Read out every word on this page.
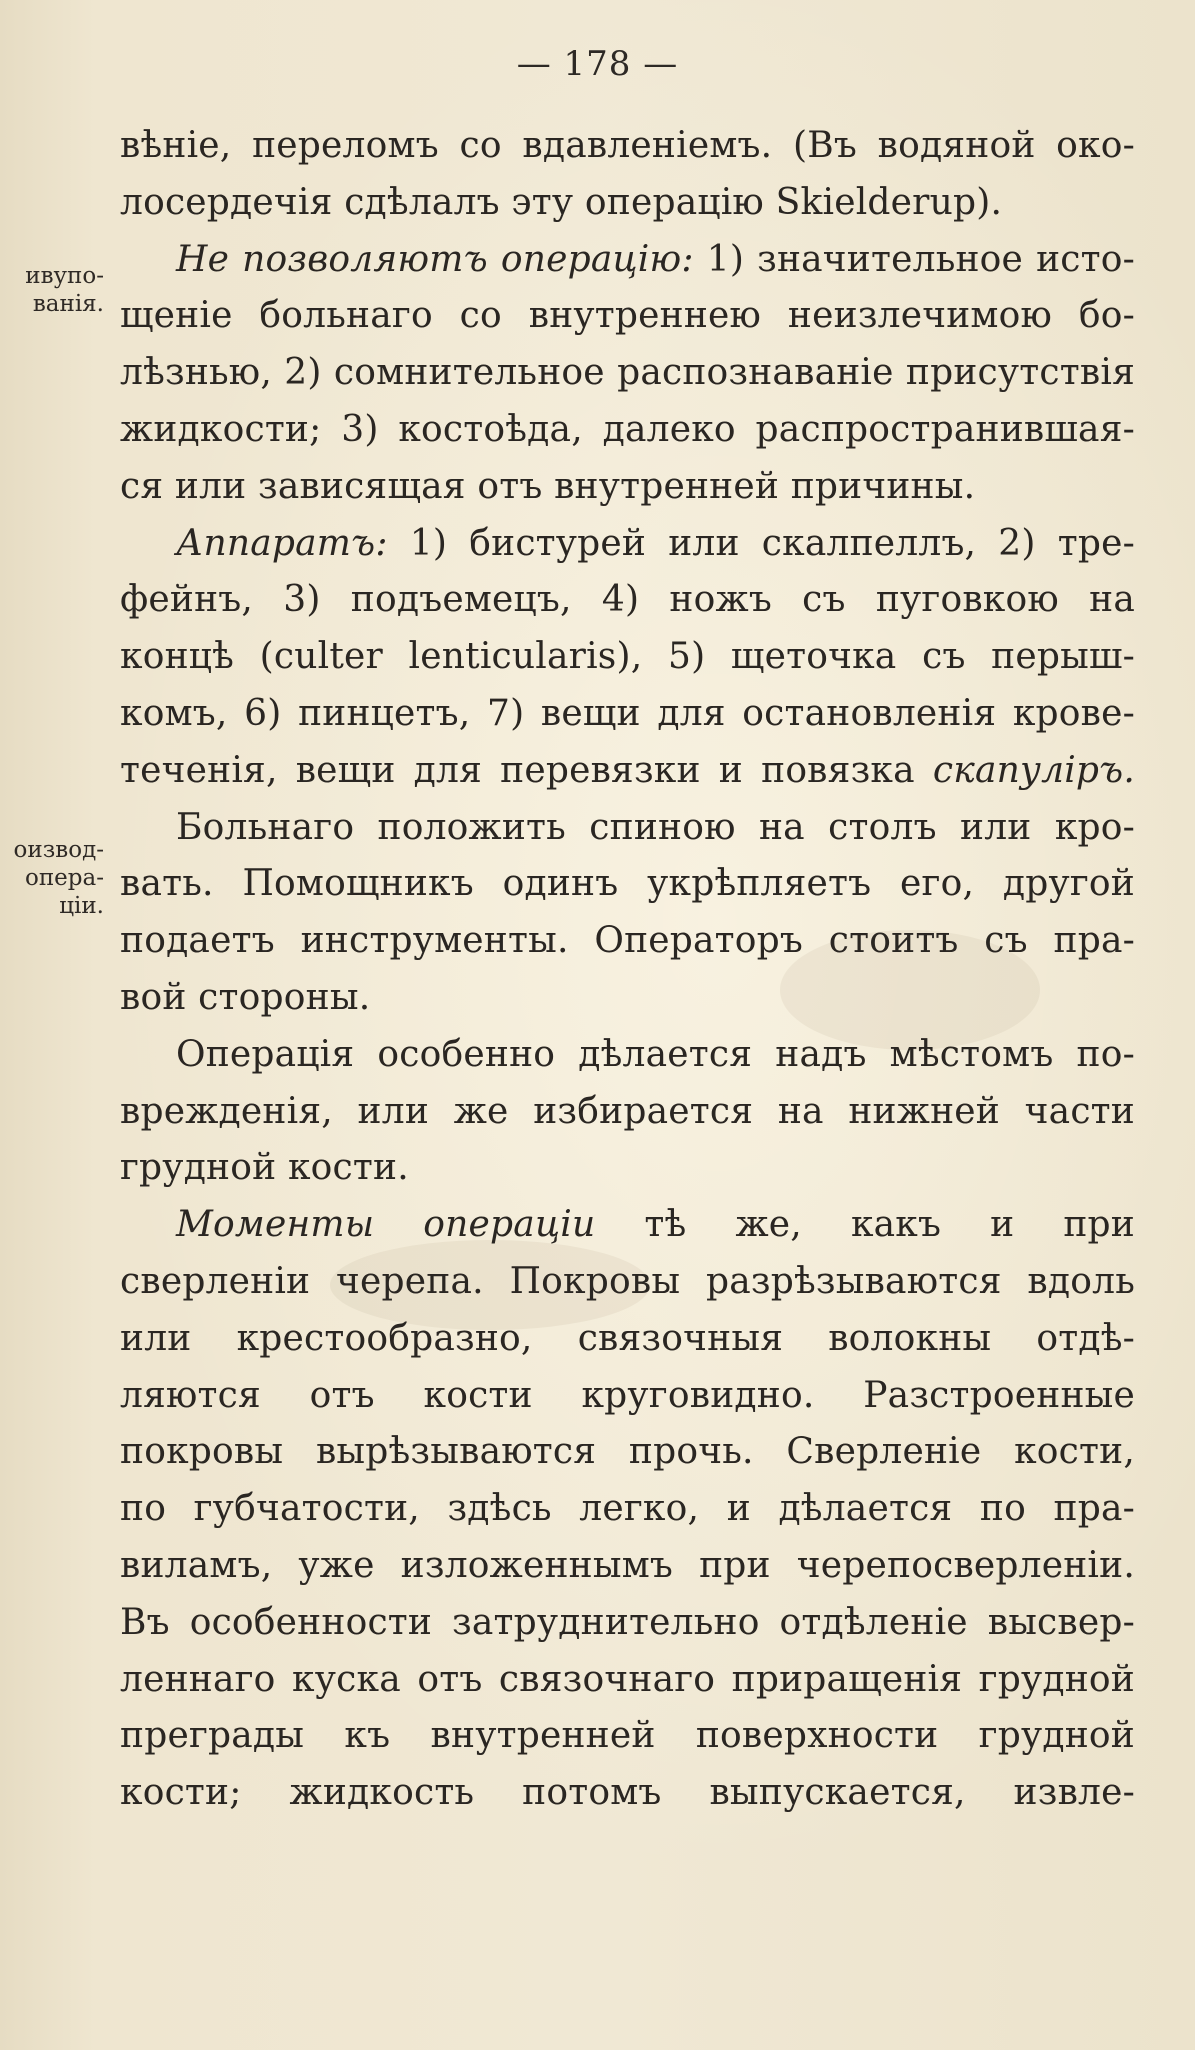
— 178 —
ивупо-
ванія.
оизвод-
опера-
ціи.
вѣніе, переломъ со вдавленіемъ. (Въ водяной око-
лосердечія сдѣлалъ эту операцію Skielderup).
Не позволяютъ операцію: 1) значительное исто-
щеніе больнаго со внутреннею неизлечимою бо-
лѣзнью, 2) сомнительное распознаваніе присутствія
жидкости; 3) костоѣда, далеко распространившая-
ся или зависящая отъ внутренней причины.
Аппаратъ: 1) бистурей или скалпеллъ, 2) тре-
фейнъ, 3) подъемецъ, 4) ножъ съ пуговкою на
концѣ (culter lenticularis), 5) щеточка съ перыш-
комъ, 6) пинцетъ, 7) вещи для остановленія крове-
теченія, вещи для перевязки и повязка скапуліръ.
Больнаго положить спиною на столъ или кро-
вать. Помощникъ одинъ укрѣпляетъ его, другой
подаетъ инструменты. Операторъ стоитъ съ пра-
вой стороны.
Операція особенно дѣлается надъ мѣстомъ по-
врежденія, или же избирается на нижней части
грудной кости.
Моменты операціи тѣ же, какъ и при
сверленіи черепа. Покровы разрѣзываются вдоль
или крестообразно, связочныя волокны отдѣ-
ляются отъ кости круговидно. Разстроенные
покровы вырѣзываются прочь. Сверленіе кости,
по губчатости, здѣсь легко, и дѣлается по пра-
виламъ, уже изложеннымъ при черепосверленіи.
Въ особенности затруднительно отдѣленіе высвер-
леннаго куска отъ связочнаго приращенія грудной
преграды къ внутренней поверхности грудной
кости; жидкость потомъ выпускается, извле-
